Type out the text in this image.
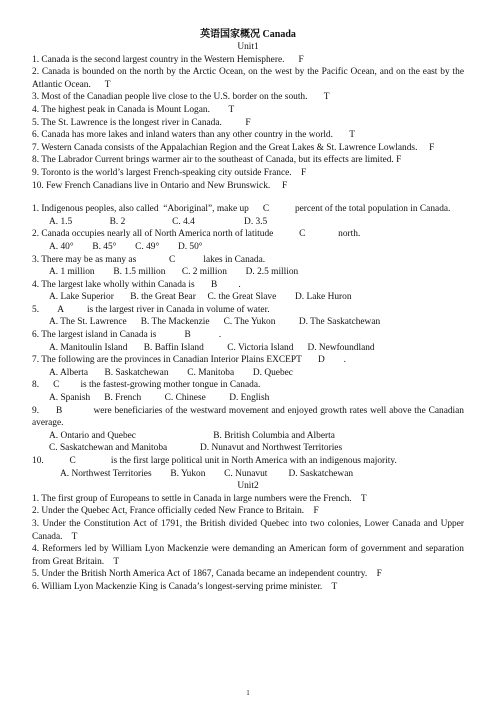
英语国家概况 Canada

Unit1

1. Canada is the second largest country in the Western Hemisphere.      F

2. Canada is bounded on the north by the Arctic Ocean, on the west by the Pacific Ocean, and on the east by the Atlantic Ocean.      T

3. Most of the Canadian people live close to the U.S. border on the south.       T

4. The highest peak in Canada is Mount Logan.        T

5. The St. Lawrence is the longest river in Canada.          F

6. Canada has more lakes and inland waters than any other country in the world.       T

7. Western Canada consists of the Appalachian Region and the Great Lakes & St. Lawrence Lowlands.     F

8. The Labrador Current brings warmer air to the southeast of Canada, but its effects are limited. F

9. Toronto is the world’s largest French-speaking city outside France.    F

10. Few French Canadians live in Ontario and New Brunswick.     F

1. Indigenous peoples, also called  “Aboriginal”, make up      C           percent of the total population in Canada.

A. 1.5                B. 2                    C. 4.4                     D. 3.5

2. Canada occupies nearly all of North America north of latitude           C              north.

A. 40°        B. 45°        C. 49°        D. 50°

3. There may be as many as              C            lakes in Canada.

A. 1 million        B. 1.5 million       C. 2 million        D. 2.5 million

4. The largest lake wholly within Canada is       B         .

A. Lake Superior       B. the Great Bear     C. the Great Slave        D. Lake Huron

5.        A          is the largest river in Canada in volume of water.

A. The St. Lawrence      B. The Mackenzie      C. The Yukon          D. The Saskatchewan

6. The largest island in Canada is            B            .

A. Manitoulin Island       B. Baffin Island          C. Victoria Island      D. Newfoundland

7. The following are the provinces in Canadian Interior Plains EXCEPT       D        .

A. Alberta       B. Saskatchewan        C. Manitoba        D. Quebec

8.      C         is the fastest-growing mother tongue in Canada.

A. Spanish      B. French          C. Chinese          D. English

9.      B           were beneficiaries of the westward movement and enjoyed growth rates well above the Canadian average.

A. Ontario and Quebec                                 B. British Columbia and Alberta

C. Saskatchewan and Manitoba              D. Nunavut and Northwest Territories

10.           C               is the first large political unit in North America with an indigenous majority.

A. Northwest Territories        B. Yukon        C. Nunavut         D. Saskatchewan

Unit2

1. The first group of Europeans to settle in Canada in large numbers were the French.    T

2. Under the Quebec Act, France officially ceded New France to Britain.    F

3. Under the Constitution Act of 1791, the British divided Quebec into two colonies, Lower Canada and Upper Canada.    T

4. Reformers led by William Lyon Mackenzie were demanding an American form of government and separation from Great Britain.    T

5. Under the British North America Act of 1867, Canada became an independent country.    F

6. William Lyon Mackenzie King is Canada’s longest-serving prime minister.    T

1
